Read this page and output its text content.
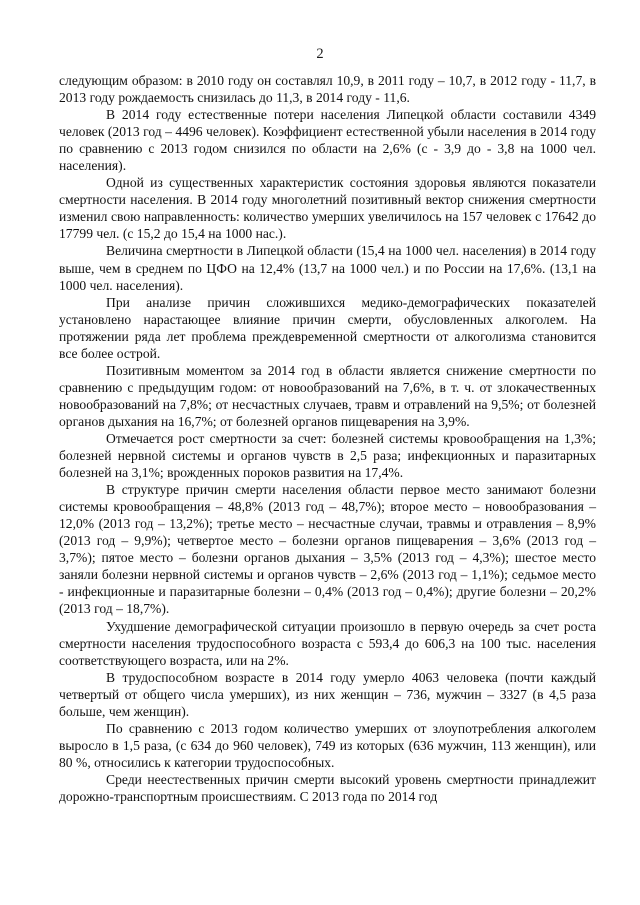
2

следующим образом: в 2010 году он составлял 10,9, в 2011 году – 10,7, в 2012 году - 11,7, в 2013 году рождаемость снизилась до 11,3, в 2014 году - 11,6.

В 2014 году естественные потери населения Липецкой области составили 4349 человек (2013 год – 4496 человек). Коэффициент естественной убыли населения в 2014 году по сравнению с 2013 годом снизился по области на 2,6% (с - 3,9 до - 3,8 на 1000 чел. населения).

Одной из существенных характеристик состояния здоровья являются показатели смертности населения. В 2014 году многолетний позитивный вектор снижения смертности изменил свою направленность: количество умерших увеличилось на 157 человек с 17642 до 17799 чел. (с 15,2 до 15,4 на 1000 нас.).

Величина смертности в Липецкой области (15,4 на 1000 чел. населения) в 2014 году выше, чем в среднем по ЦФО на 12,4% (13,7 на 1000 чел.) и по России на 17,6%. (13,1 на 1000 чел. населения).

При анализе причин сложившихся медико-демографических показателей установлено нарастающее влияние причин смерти, обусловленных алкоголем. На протяжении ряда лет проблема преждевременной смертности от алкоголизма становится все более острой.

Позитивным моментом за 2014 год в области является снижение смертности по сравнению с предыдущим годом: от новообразований на 7,6%, в т. ч. от злокачественных новообразований на 7,8%; от несчастных случаев, травм и отравлений на 9,5%; от болезней органов дыхания на 16,7%; от болезней органов пищеварения на 3,9%.

Отмечается рост смертности за счет: болезней системы кровообращения на 1,3%; болезней нервной системы и органов чувств в 2,5 раза; инфекционных и паразитарных болезней на 3,1%; врожденных пороков развития на 17,4%.

В структуре причин смерти населения области первое место занимают болезни системы кровообращения – 48,8% (2013 год – 48,7%); второе место – новообразования – 12,0% (2013 год – 13,2%); третье место – несчастные случаи, травмы и отравления – 8,9% (2013 год – 9,9%); четвертое место – болезни органов пищеварения – 3,6% (2013 год – 3,7%); пятое место – болезни органов дыхания – 3,5% (2013 год – 4,3%); шестое место заняли болезни нервной системы и органов чувств – 2,6% (2013 год – 1,1%); седьмое место - инфекционные и паразитарные болезни – 0,4% (2013 год – 0,4%); другие болезни – 20,2% (2013 год – 18,7%).

Ухудшение демографической ситуации произошло в первую очередь за счет роста смертности населения трудоспособного возраста с 593,4 до 606,3 на 100 тыс. населения соответствующего возраста, или на 2%.

В трудоспособном возрасте в 2014 году умерло 4063 человека (почти каждый четвертый от общего числа умерших), из них женщин – 736, мужчин – 3327 (в 4,5 раза больше, чем женщин).

По сравнению с 2013 годом количество умерших от злоупотребления алкоголем выросло в 1,5 раза, (с 634 до 960 человек), 749 из которых (636 мужчин, 113 женщин), или 80 %, относились к категории трудоспособных.

Среди неестественных причин смерти высокий уровень смертности принадлежит дорожно-транспортным происшествиям. С 2013 года по 2014 год
